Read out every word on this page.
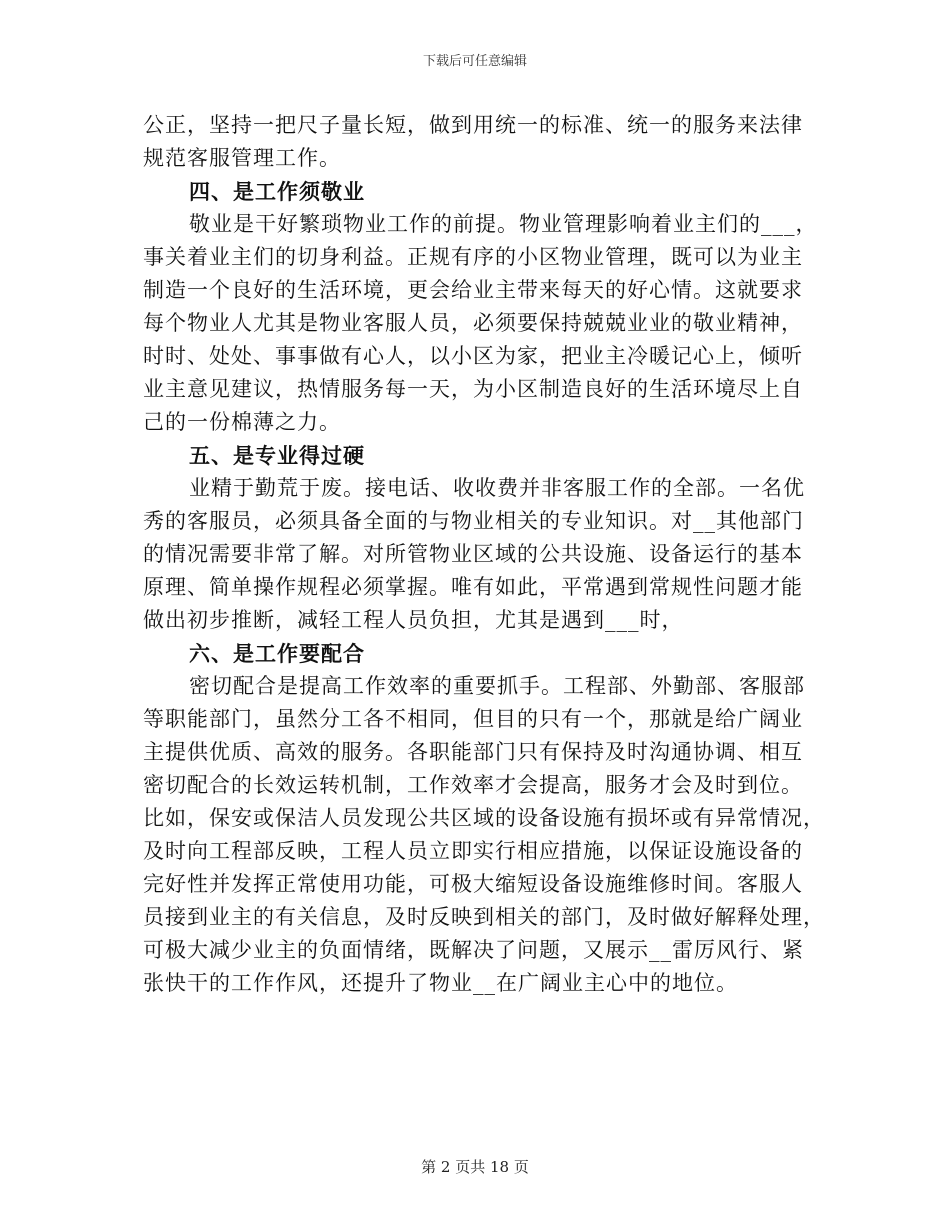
下载后可任意编辑
公正，坚持一把尺子量长短，做到用统一的标准、统一的服务来法律
规范客服管理工作。
四、是工作须敬业
敬业是干好繁琐物业工作的前提。物业管理影响着业主们的___，
事关着业主们的切身利益。正规有序的小区物业管理，既可以为业主
制造一个良好的生活环境，更会给业主带来每天的好心情。这就要求
每个物业人尤其是物业客服人员，必须要保持兢兢业业的敬业精神，
时时、处处、事事做有心人，以小区为家，把业主冷暖记心上，倾听
业主意见建议，热情服务每一天，为小区制造良好的生活环境尽上自
己的一份棉薄之力。
五、是专业得过硬
业精于勤荒于废。接电话、收收费并非客服工作的全部。一名优
秀的客服员，必须具备全面的与物业相关的专业知识。对__其他部门
的情况需要非常了解。对所管物业区域的公共设施、设备运行的基本
原理、简单操作规程必须掌握。唯有如此，平常遇到常规性问题才能
做出初步推断，减轻工程人员负担，尤其是遇到___时，
六、是工作要配合
密切配合是提高工作效率的重要抓手。工程部、外勤部、客服部
等职能部门，虽然分工各不相同，但目的只有一个，那就是给广阔业
主提供优质、高效的服务。各职能部门只有保持及时沟通协调、相互
密切配合的长效运转机制，工作效率才会提高，服务才会及时到位。
比如，保安或保洁人员发现公共区域的设备设施有损坏或有异常情况，
及时向工程部反映，工程人员立即实行相应措施，以保证设施设备的
完好性并发挥正常使用功能，可极大缩短设备设施维修时间。客服人
员接到业主的有关信息，及时反映到相关的部门，及时做好解释处理，
可极大减少业主的负面情绪，既解决了问题，又展示__雷厉风行、紧
张快干的工作作风，还提升了物业__在广阔业主心中的地位。
第 2 页共 18 页
